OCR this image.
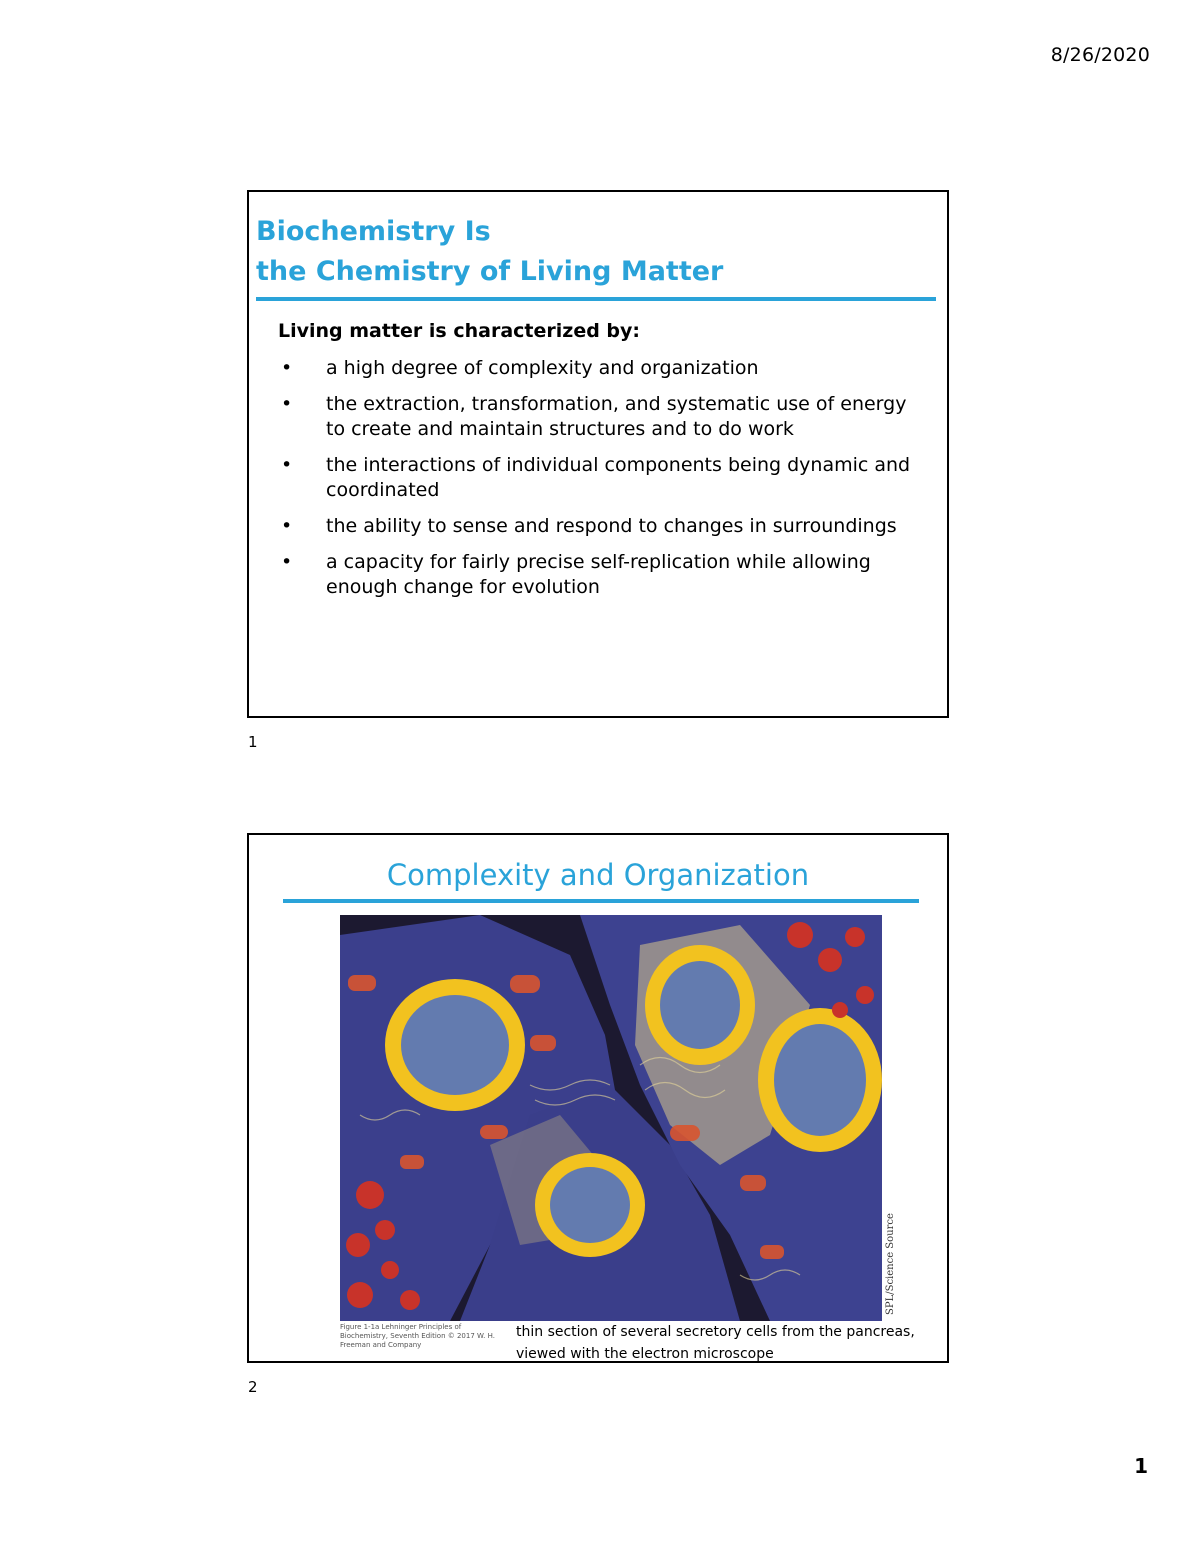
8/26/2020
Biochemistry Is
the Chemistry of Living Matter
Living matter is characterized by:
• a high degree of complexity and organization
• the extraction, transformation, and systematic use of energy to create and maintain structures and to do work
• the interactions of individual components being dynamic and coordinated
• the ability to sense and respond to changes in surroundings
• a capacity for fairly precise self-replication while allowing enough change for evolution
1
Complexity and Organization
SPL/Science Source
Figure 1-1a Lehninger Principles of Biochemistry, Seventh Edition © 2017 W. H. Freeman and Company
thin section of several secretory cells from the pancreas, viewed with the electron microscope
2
1
